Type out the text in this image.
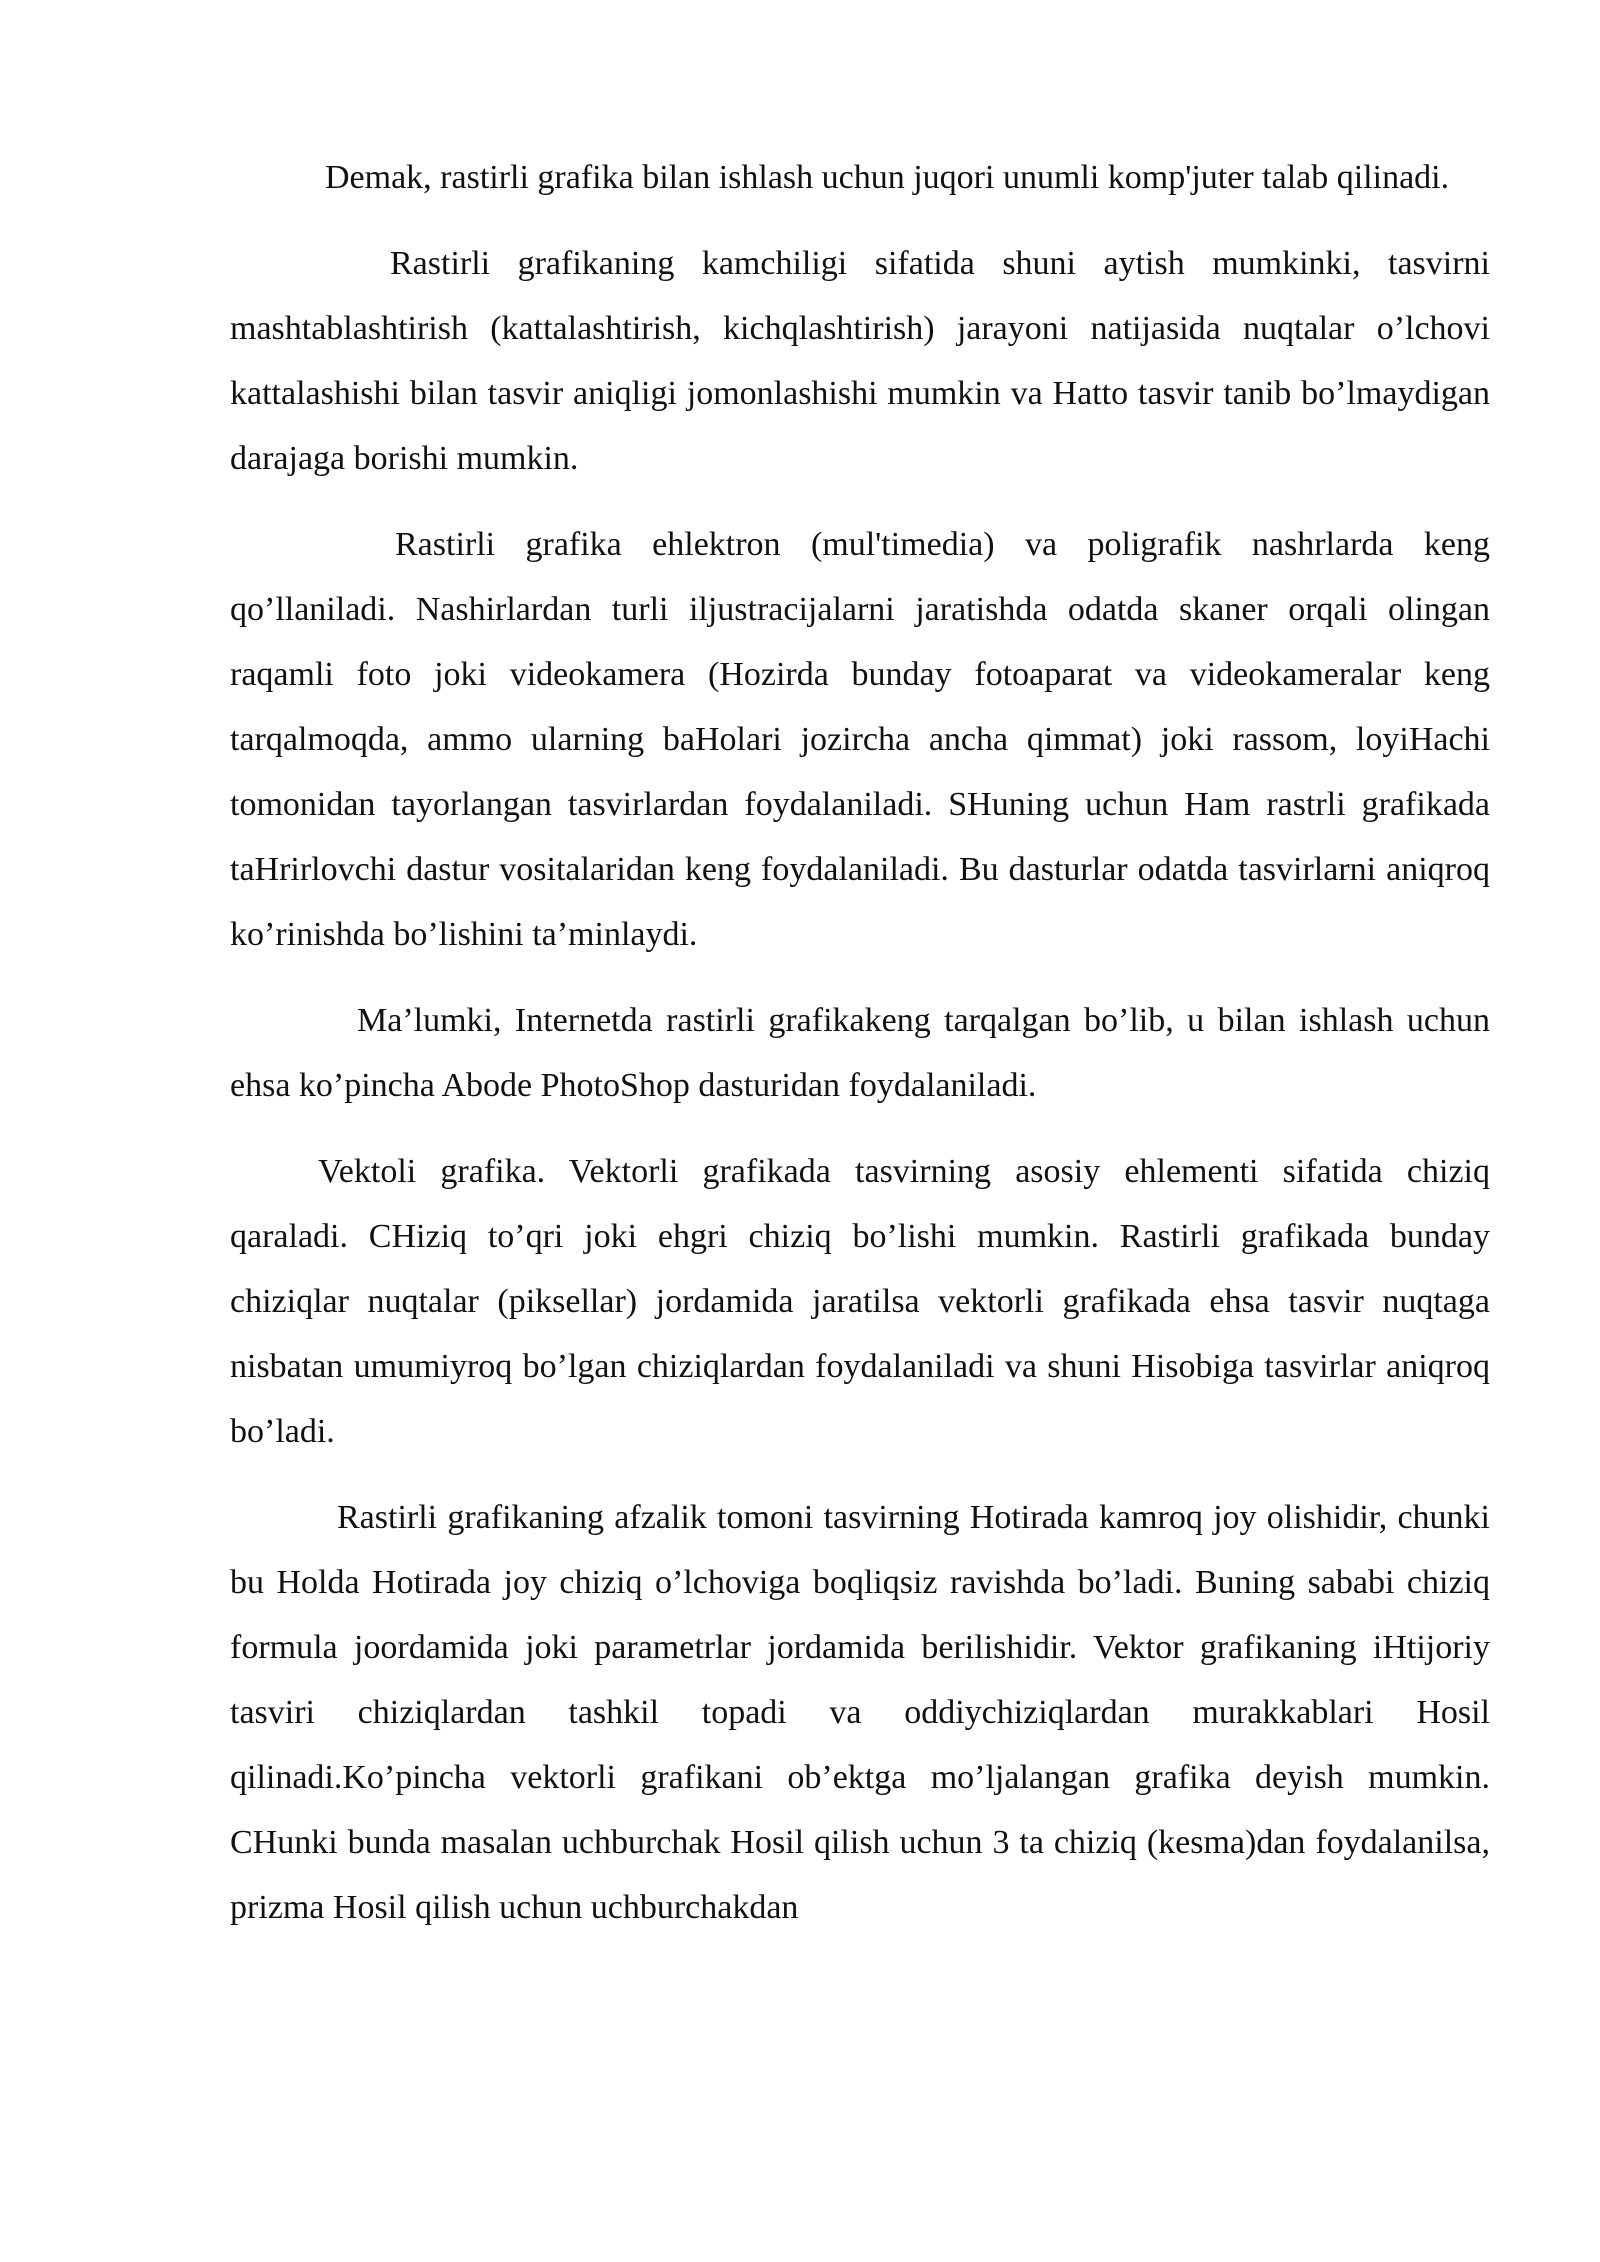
Demak, rastirli grafika bilan ishlash uchun juqori unumli komp'juter talab qilinadi.

Rastirli grafikaning kamchiligi sifatida shuni aytish mumkinki, tasvirni mashtablashtirish (kattalashtirish, kichqlashtirish) jarayoni natijasida nuqtalar o’lchovi kattalashishi bilan tasvir aniqligi jomonlashishi mumkin va Hatto tasvir tanib bo’lmaydigan darajaga borishi mumkin.

Rastirli grafika ehlektron (mul'timedia) va poligrafik nashrlarda keng qo’llaniladi. Nashirlardan turli iljustracijalarni jaratishda odatda skaner orqali olingan raqamli foto joki videokamera (Hozirda bunday fotoaparat va videokameralar keng tarqalmoqda, ammo ularning baHolari jozircha ancha qimmat) joki rassom, loyiHachi tomonidan tayorlangan tasvirlardan foydalaniladi. SHuning uchun Ham rastrli grafikada taHrirlovchi dastur vositalaridan keng foydalaniladi. Bu dasturlar odatda tasvirlarni aniqroq ko’rinishda bo’lishini ta’minlaydi.

Ma’lumki, Internetda rastirli grafikakeng tarqalgan bo’lib, u bilan ishlash uchun ehsa ko’pincha Abode PhotoShop dasturidan foydalaniladi.

Vektoli grafika. Vektorli grafikada tasvirning asosiy ehlementi sifatida chiziq qaraladi. CHiziq to’qri joki ehgri chiziq bo’lishi mumkin. Rastirli grafikada bunday chiziqlar nuqtalar (piksellar) jordamida jaratilsa vektorli grafikada ehsa tasvir nuqtaga nisbatan umumiyroq bo’lgan chiziqlardan foydalaniladi va shuni Hisobiga tasvirlar aniqroq bo’ladi.

Rastirli grafikaning afzalik tomoni tasvirning Hotirada kamroq joy olishidir, chunki bu Holda Hotirada joy chiziq o’lchoviga boqliqsiz ravishda bo’ladi. Buning sababi chiziq formula joordamida joki parametrlar jordamida berilishidir. Vektor grafikaning iHtijoriy tasviri chiziqlardan tashkil topadi va oddiychiziqlardan murakkablari Hosil qilinadi.Ko’pincha vektorli grafikani ob’ektga mo’ljalangan grafika deyish mumkin. CHunki bunda masalan uchburchak Hosil qilish uchun 3 ta chiziq (kesma)dan foydalanilsa, prizma Hosil qilish uchun uchburchakdan
